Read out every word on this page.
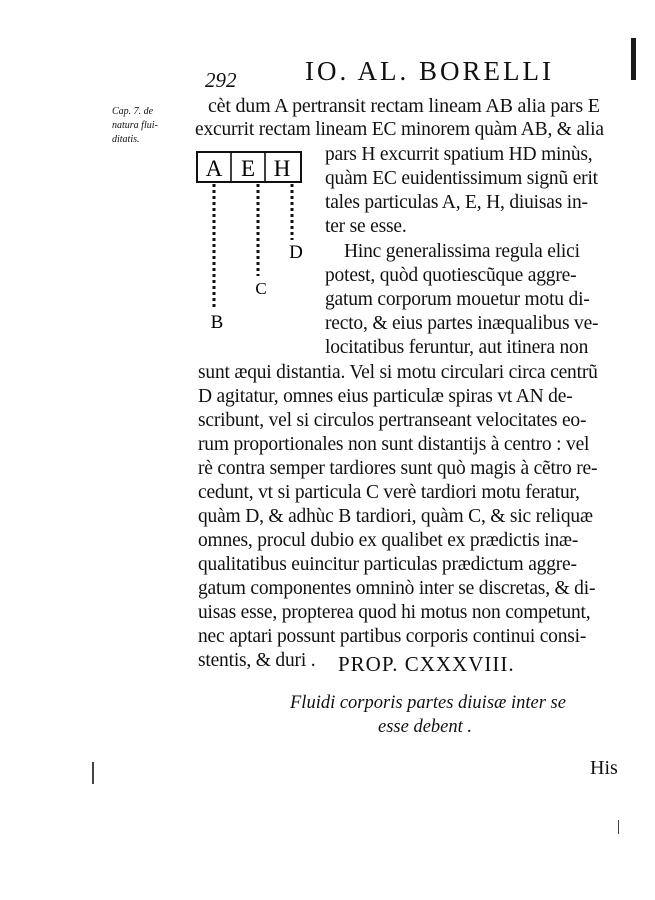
292	IO. AL. BORELLI
Cap. 7. de
natura flui-
ditatis.
A E H
B
C
D
cèt dum A pertransit rectam lineam AB alia pars E
excurrit rectam lineam EC minorem quàm AB, & alia
pars H excurrit spatium HD minùs,
quàm EC euidentissimum signũ erit
tales particulas A, E, H, diuisas in-
ter se esse.
Hinc generalissima regula elici
potest, quòd quotiescũque aggre-
gatum corporum mouetur motu di-
recto, & eius partes inæqualibus ve-
locitatibus feruntur, aut itinera non
sunt æqui distantia. Vel si motu circulari circa centrũ
D agitatur, omnes eius particulæ spiras vt AN de-
scribunt, vel si circulos pertranseant velocitates eo-
rum proportionales non sunt distantijs à centro : vel
rè contra semper tardiores sunt quò magis à cẽtro re-
cedunt, vt si particula C verè tardiori motu feratur,
quàm D, & adhùc B tardiori, quàm C, & sic reliquæ
omnes, procul dubio ex qualibet ex prædictis inæ-
qualitatibus euincitur particulas prædictum aggre-
gatum componentes omninò inter se discretas, & di-
uisas esse, propterea quod hi motus non competunt,
nec aptari possunt partibus corporis continui consi-
stentis, & duri . PROP. CXXXVIII.
Fluidi corporis partes diuisæ inter se
esse debent .
His
